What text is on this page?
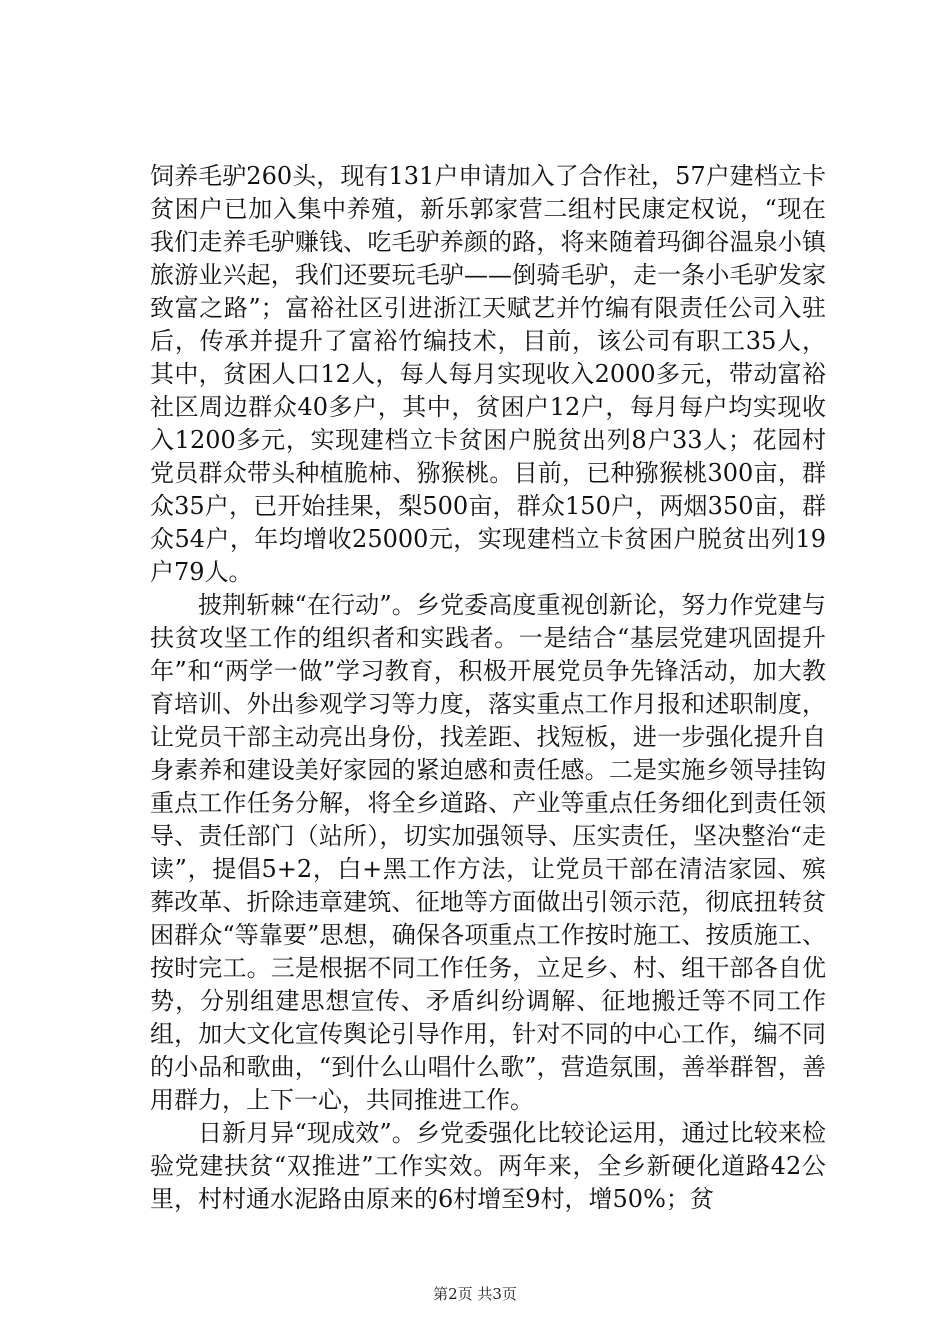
饲养毛驴260头，现有131户申请加入了合作社，57户建档立卡贫困户已加入集中养殖，新乐郭家营二组村民康定权说，“现在我们走养毛驴赚钱、吃毛驴养颜的路，将来随着玛御谷温泉小镇旅游业兴起，我们还要玩毛驴——倒骑毛驴，走一条小毛驴发家致富之路”；富裕社区引进浙江天赋艺并竹编有限责任公司入驻后，传承并提升了富裕竹编技术，目前，该公司有职工35人，其中，贫困人口12人，每人每月实现收入2000多元，带动富裕社区周边群众40多户，其中，贫困户12户，每月每户均实现收入1200多元，实现建档立卡贫困户脱贫出列8户33人；花园村党员群众带头种植脆柿、猕猴桃。目前，已种猕猴桃300亩，群众35户，已开始挂果，梨500亩，群众150户，两烟350亩，群众54户，年均增收25000元，实现建档立卡贫困户脱贫出列19户79人。

披荆斩棘“在行动”。乡党委高度重视创新论，努力作党建与扶贫攻坚工作的组织者和实践者。一是结合“基层党建巩固提升年”和“两学一做”学习教育，积极开展党员争先锋活动，加大教育培训、外出参观学习等力度，落实重点工作月报和述职制度，让党员干部主动亮出身份，找差距、找短板，进一步强化提升自身素养和建设美好家园的紧迫感和责任感。二是实施乡领导挂钩重点工作任务分解，将全乡道路、产业等重点任务细化到责任领导、责任部门（站所），切实加强领导、压实责任，坚决整治“走读”，提倡5+2，白+黑工作方法，让党员干部在清洁家园、殡葬改革、折除违章建筑、征地等方面做出引领示范，彻底扭转贫困群众“等靠要”思想，确保各项重点工作按时施工、按质施工、按时完工。三是根据不同工作任务，立足乡、村、组干部各自优势，分别组建思想宣传、矛盾纠纷调解、征地搬迁等不同工作组，加大文化宣传舆论引导作用，针对不同的中心工作，编不同的小品和歌曲，“到什么山唱什么歌”，营造氛围，善举群智，善用群力，上下一心，共同推进工作。

日新月异“现成效”。乡党委强化比较论运用，通过比较来检验党建扶贫“双推进”工作实效。两年来，全乡新硬化道路42公里，村村通水泥路由原来的6村增至9村，增50%；贫

第2页 共3页
